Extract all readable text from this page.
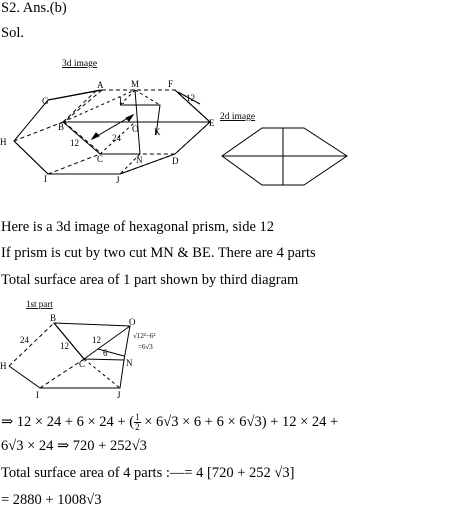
S2. Ans.(b)
Sol.
3d image
A	M	F
G	L	12
B	O K
E
24
12
H
C	N	D
I	J
2d image
Here is a 3d image of hexagonal prism, side 12
If prism is cut by two cut MN & BE. There are 4 parts
Total surface area of 1 part shown by third diagram
1st part
B	O
24
12
12
6
√12²−6²
=6√3
H	C	N
I	J
⇒ 12 × 24 + 6 × 24 + ( $\frac{1}{2} \times 6√3 \times 6 + 6 \times 6√3) + 12 \times 24$ +
6√3 × 24 ⇒ 720 + 252√3
Total surface area of 4 parts :—= 4 [720 + 252 √3]
= 2880 + 1008√3
